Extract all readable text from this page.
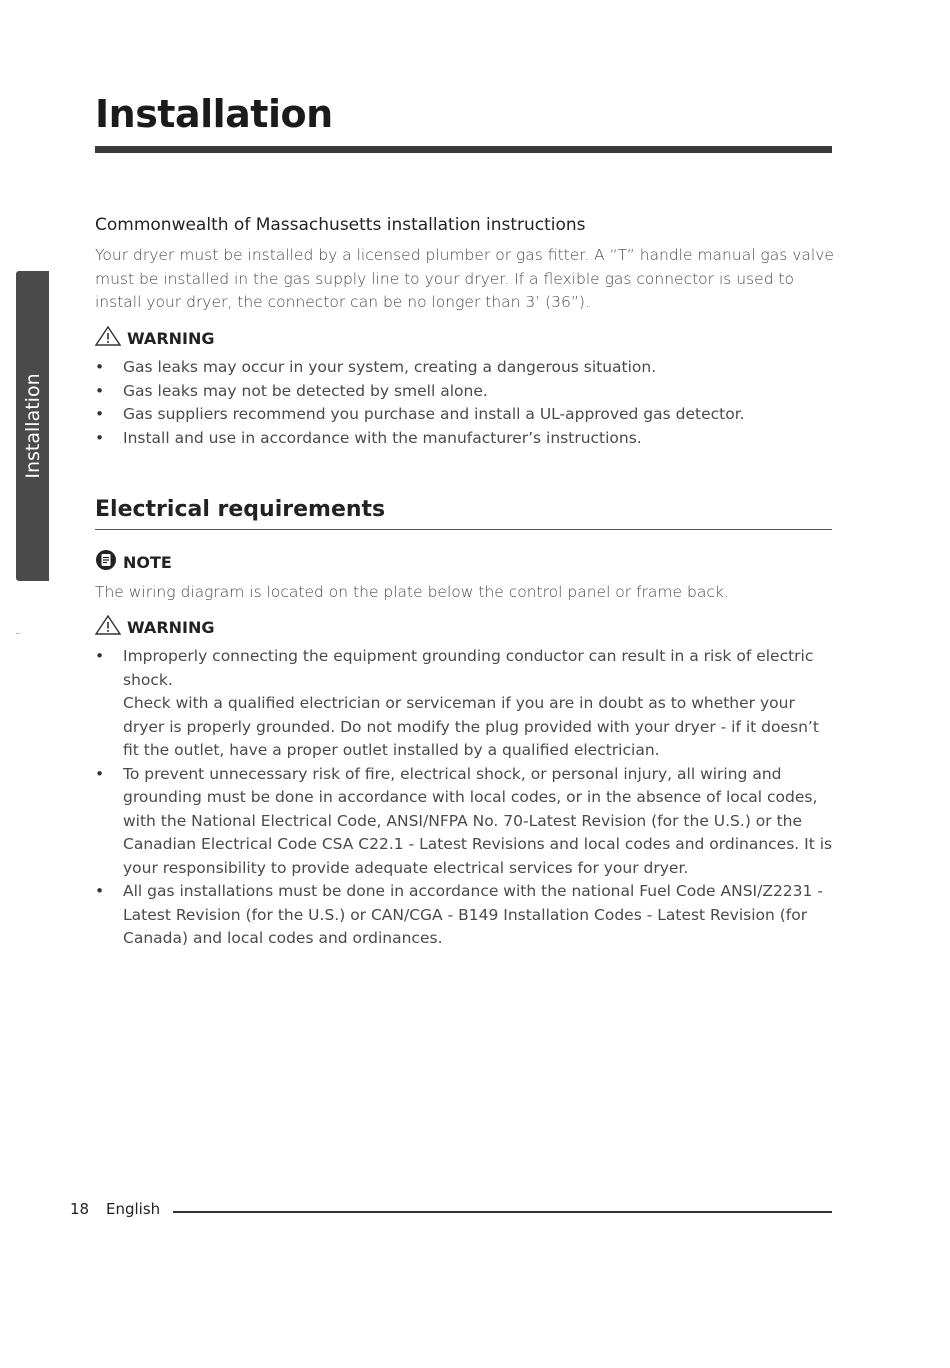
Installation
Installation
Commonwealth of Massachusetts installation instructions

Your dryer must be installed by a licensed plumber or gas fitter. A “T” handle manual gas valve must be installed in the gas supply line to your dryer. If a flexible gas connector is used to install your dryer, the connector can be no longer than 3’ (36”).

WARNING
• Gas leaks may occur in your system, creating a dangerous situation.
• Gas leaks may not be detected by smell alone.
• Gas suppliers recommend you purchase and install a UL-approved gas detector.
• Install and use in accordance with the manufacturer’s instructions.
Electrical requirements
NOTE

The wiring diagram is located on the plate below the control panel or frame back.

WARNING
• Improperly connecting the equipment grounding conductor can result in a risk of electric shock.
Check with a qualified electrician or serviceman if you are in doubt as to whether your dryer is properly grounded. Do not modify the plug provided with your dryer - if it doesn’t fit the outlet, have a proper outlet installed by a qualified electrician.
• To prevent unnecessary risk of fire, electrical shock, or personal injury, all wiring and grounding must be done in accordance with local codes, or in the absence of local codes, with the National Electrical Code, ANSI/NFPA No. 70-Latest Revision (for the U.S.) or the Canadian Electrical Code CSA C22.1 - Latest Revisions and local codes and ordinances. It is your responsibility to provide adequate electrical services for your dryer.
• All gas installations must be done in accordance with the national Fuel Code ANSI/Z2231 - Latest Revision (for the U.S.) or CAN/CGA - B149 Installation Codes - Latest Revision (for Canada) and local codes and ordinances.
18 English
